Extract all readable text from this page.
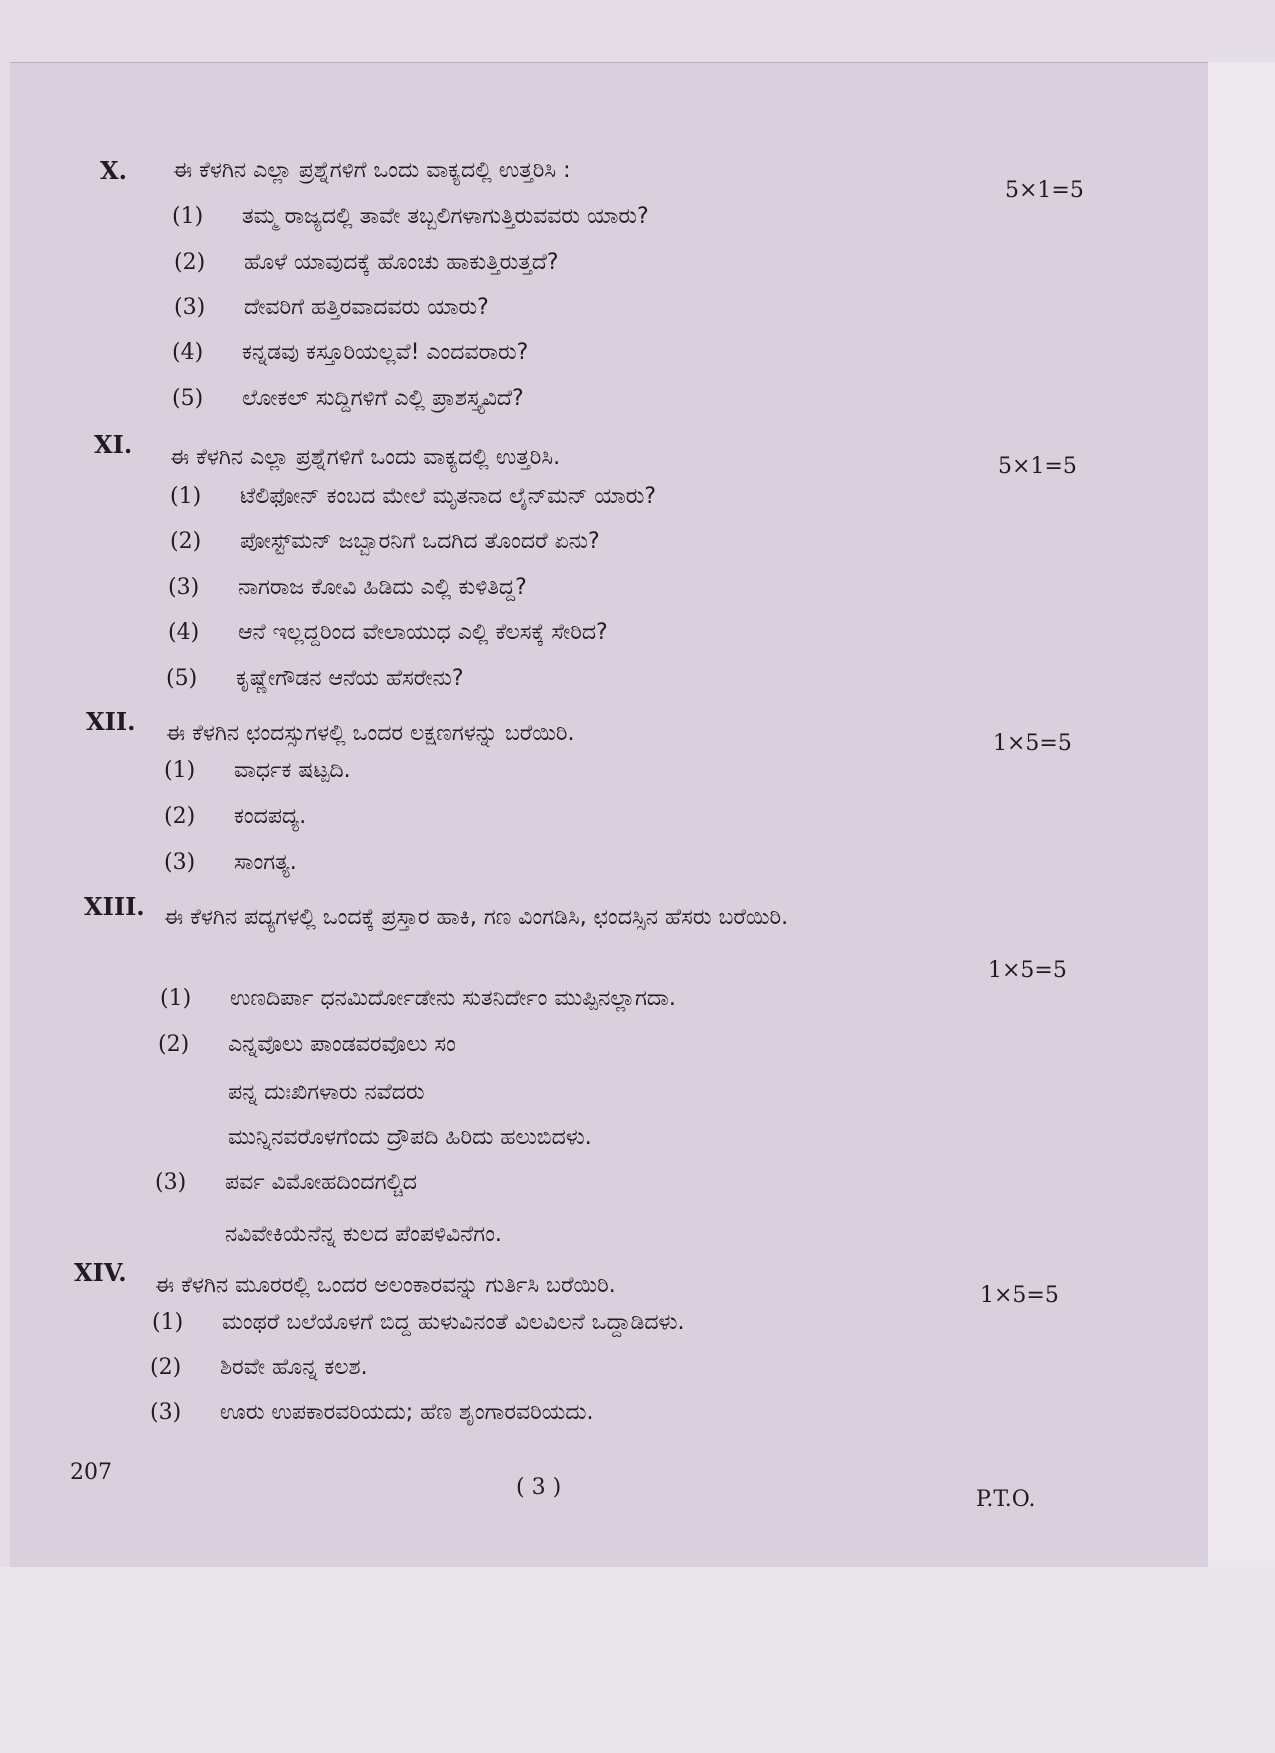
X. ಈ ಕೆಳಗಿನ ಎಲ್ಲಾ ಪ್ರಶ್ನೆಗಳಿಗೆ ಒಂದು ವಾಕ್ಯದಲ್ಲಿ ಉತ್ತರಿಸಿ :
5×1=5
(1) ತಮ್ಮ ರಾಜ್ಯದಲ್ಲಿ ತಾವೇ ತಬ್ಬಲಿಗಳಾಗುತ್ತಿರುವವರು ಯಾರು?
(2) ಹೊಳೆ ಯಾವುದಕ್ಕೆ ಹೊಂಚು ಹಾಕುತ್ತಿರುತ್ತದೆ?
(3) ದೇವರಿಗೆ ಹತ್ತಿರವಾದವರು ಯಾರು?
(4) ಕನ್ನಡವು ಕಸ್ತೂರಿಯಲ್ಲವೆ! ಎಂದವರಾರು?
(5) ಲೋಕಲ್ ಸುದ್ದಿಗಳಿಗೆ ಎಲ್ಲಿ ಪ್ರಾಶಸ್ತ್ಯವಿದೆ?
XI. ಈ ಕೆಳಗಿನ ಎಲ್ಲಾ ಪ್ರಶ್ನೆಗಳಿಗೆ ಒಂದು ವಾಕ್ಯದಲ್ಲಿ ಉತ್ತರಿಸಿ.	5×1=5
(1) ಟೆಲಿಫೋನ್ ಕಂಬದ ಮೇಲೆ ಮೃತನಾದ ಲೈನ್‌ಮನ್ ಯಾರು?
(2) ಪೋಸ್ಟ್‌ಮನ್ ಜಬ್ಬಾರನಿಗೆ ಒದಗಿದ ತೊಂದರೆ ಏನು?
(3) ನಾಗರಾಜ ಕೋವಿ ಹಿಡಿದು ಎಲ್ಲಿ ಕುಳಿತಿದ್ದ?
(4) ಆನೆ ಇಲ್ಲದ್ದರಿಂದ ವೇಲಾಯುಧ ಎಲ್ಲಿ ಕೆಲಸಕ್ಕೆ ಸೇರಿದ?
(5) ಕೃಷ್ಣೇಗೌಡನ ಆನೆಯ ಹೆಸರೇನು?
XII. ಈ ಕೆಳಗಿನ ಛಂದಸ್ಸುಗಳಲ್ಲಿ ಒಂದರ ಲಕ್ಷಣಗಳನ್ನು ಬರೆಯಿರಿ.	1×5=5
(1) ವಾರ್ಧಕ ಷಟ್ಪದಿ.
(2) ಕಂದಪದ್ಯ.
(3) ಸಾಂಗತ್ಯ.
XIII. ಈ ಕೆಳಗಿನ ಪದ್ಯಗಳಲ್ಲಿ ಒಂದಕ್ಕೆ ಪ್ರಸ್ತಾರ ಹಾಕಿ, ಗಣ ವಿಂಗಡಿಸಿ, ಛಂದಸ್ಸಿನ ಹೆಸರು ಬರೆಯಿರಿ.
1×5=5
(1) ಉಣದಿರ್ಪಾ ಧನಮಿರ್ದೋಡೇನು ಸುತನಿರ್ದೇಂ ಮುಪ್ಪಿನಲ್ಲಾಗದಾ.
(2) ಎನ್ನವೊಲು ಪಾಂಡವರವೊಲು ಸಂ
ಪನ್ನ ದುಃಖಿಗಳಾರು ನವೆದರು
ಮುನ್ನಿನವರೊಳಗೆಂದು ದ್ರೌಪದಿ ಹಿರಿದು ಹಲುಬಿದಳು.
(3) ಪರ್ವ ವಿಮೋಹದಿಂದಗಲ್ಚಿದ
ನವಿವೇಕಿಯೆನೆನ್ನ ಕುಲದ ಪೆಂಪಳಿವಿನೆಗಂ.
XIV. ಈ ಕೆಳಗಿನ ಮೂರರಲ್ಲಿ ಒಂದರ ಅಲಂಕಾರವನ್ನು ಗುರ್ತಿಸಿ ಬರೆಯಿರಿ.	1×5=5
(1) ಮಂಥರೆ ಬಲೆಯೊಳಗೆ ಬಿದ್ದ ಹುಳುವಿನಂತೆ ವಿಲವಿಲನೆ ಒದ್ದಾಡಿದಳು.
(2) ಶಿರವೇ ಹೊನ್ನ ಕಲಶ.
(3) ಊರು ಉಪಕಾರವರಿಯದು; ಹೆಣ ಶೃಂಗಾರವರಿಯದು.
207
( 3 )	P.T.O.
